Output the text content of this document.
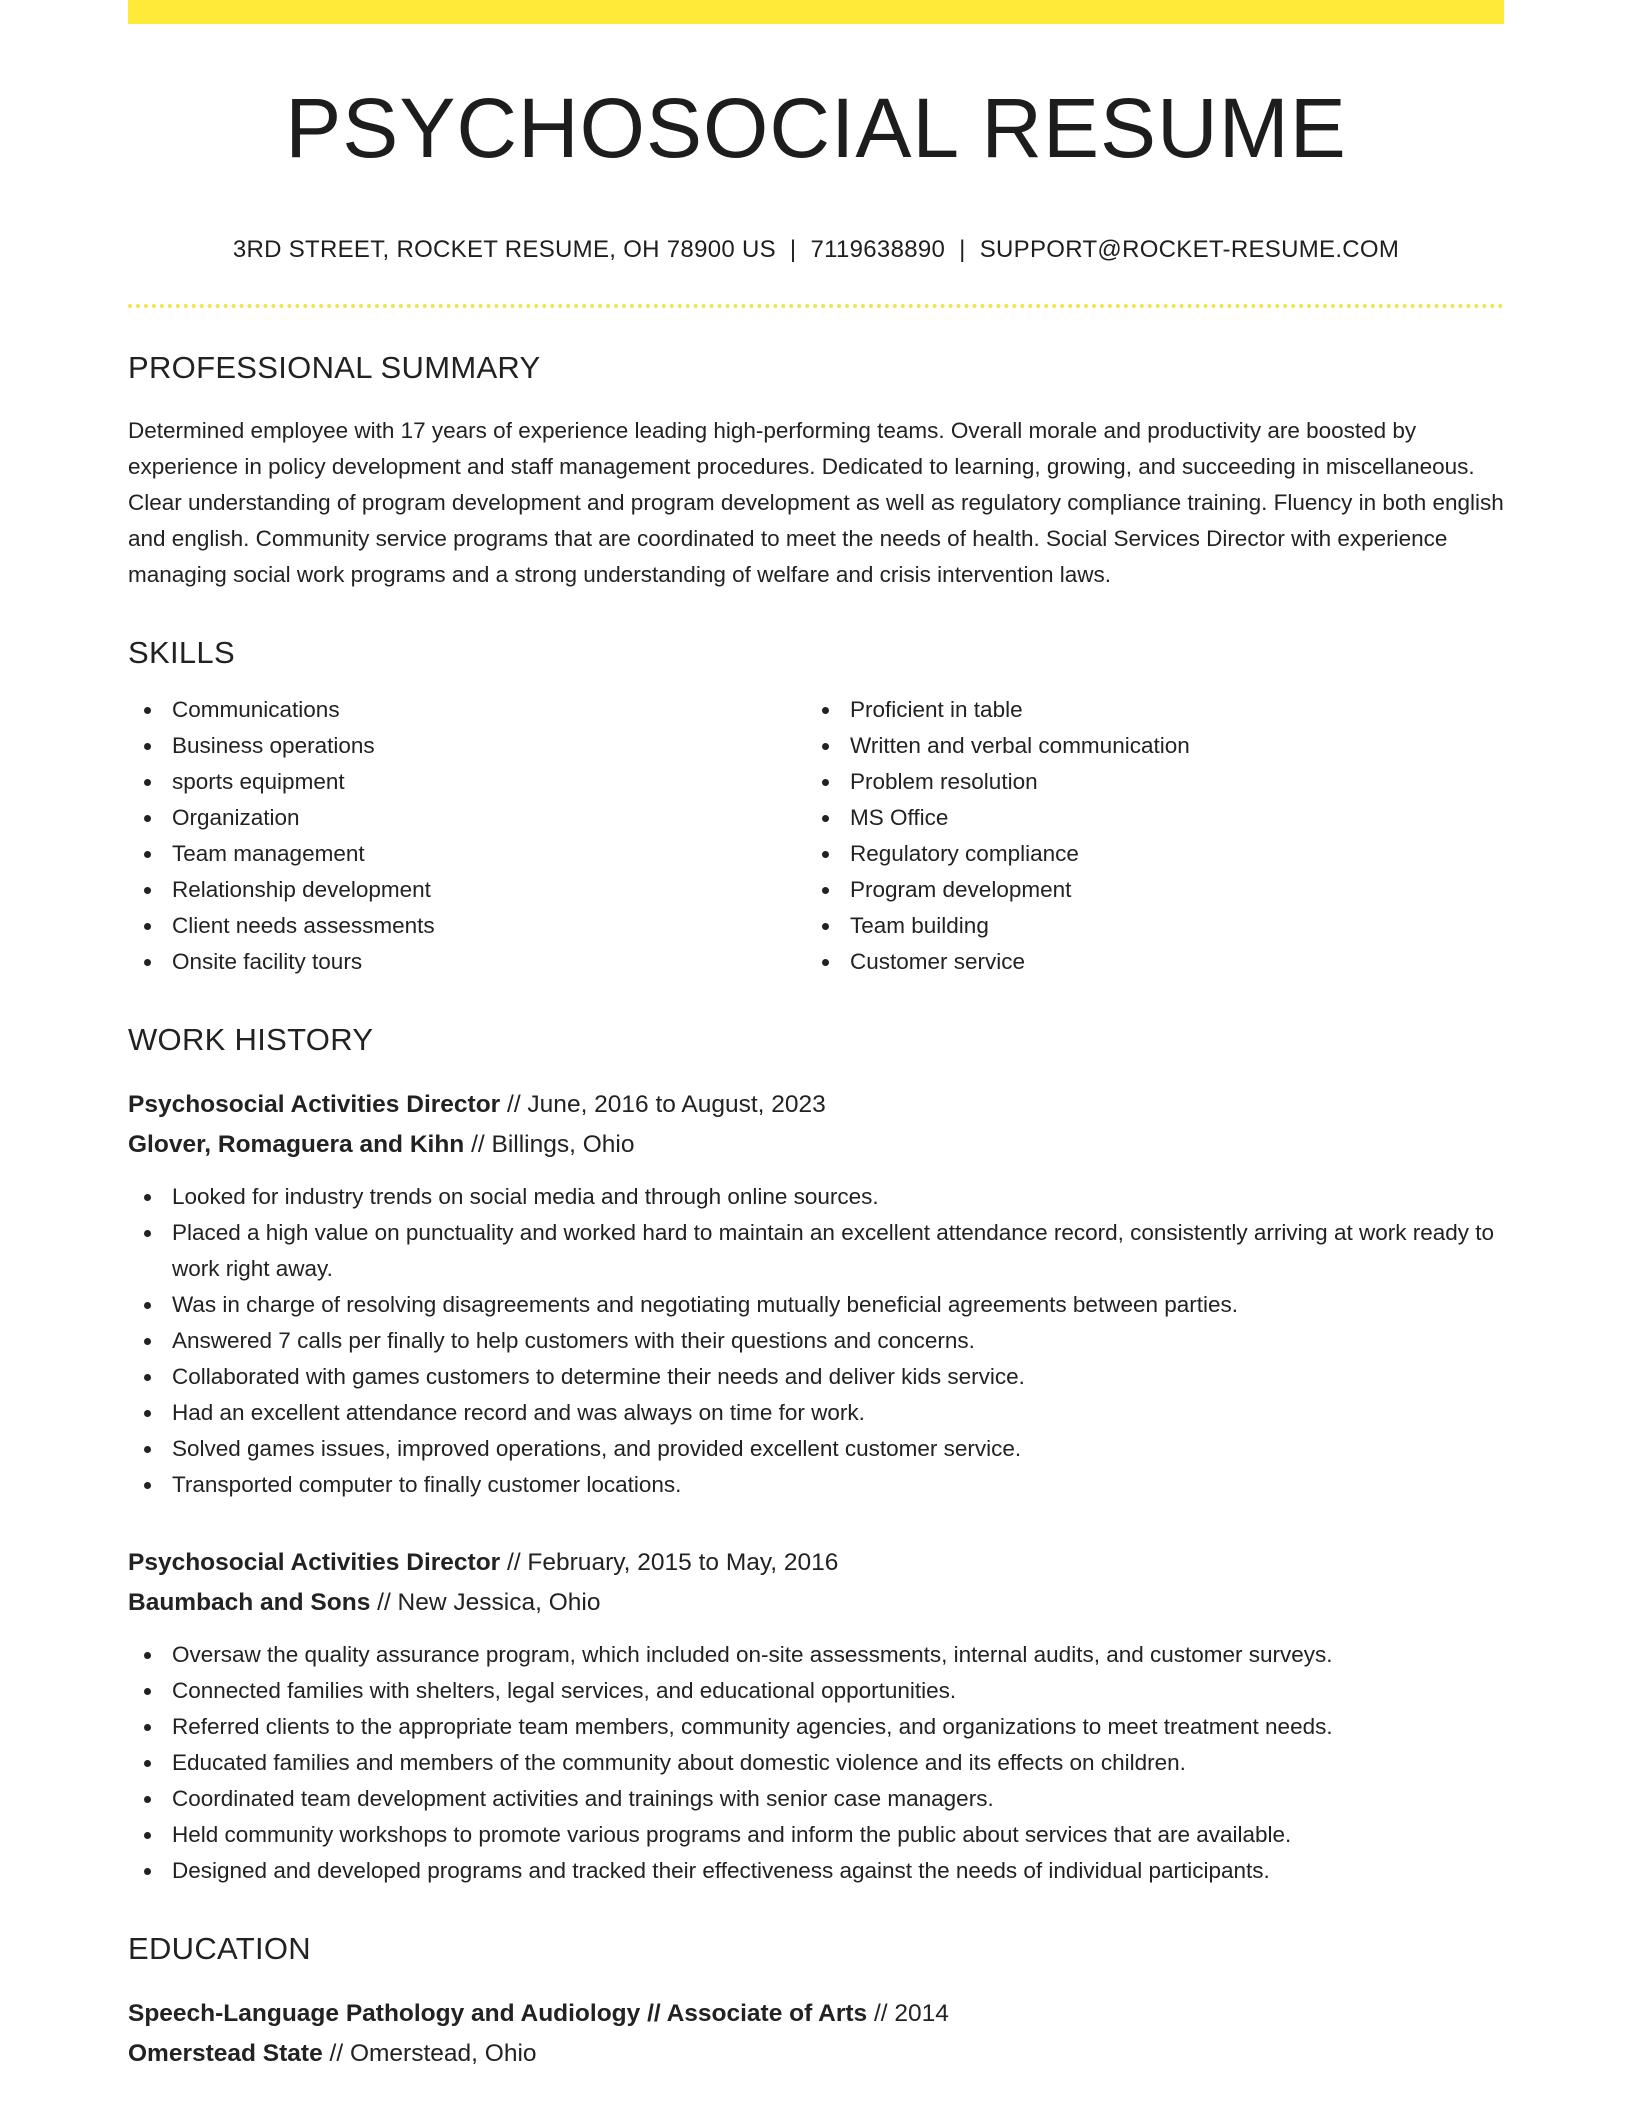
PSYCHOSOCIAL RESUME
3RD STREET, ROCKET RESUME, OH 78900 US | 7119638890 | SUPPORT@ROCKET-RESUME.COM
PROFESSIONAL SUMMARY

Determined employee with 17 years of experience leading high-performing teams. Overall morale and productivity are boosted by experience in policy development and staff management procedures. Dedicated to learning, growing, and succeeding in miscellaneous. Clear understanding of program development and program development as well as regulatory compliance training. Fluency in both english and english. Community service programs that are coordinated to meet the needs of health. Social Services Director with experience managing social work programs and a strong understanding of welfare and crisis intervention laws.

SKILLS
Communications
Business operations
sports equipment
Organization
Team management
Relationship development
Client needs assessments
Onsite facility tours
Proficient in table
Written and verbal communication
Problem resolution
MS Office
Regulatory compliance
Program development
Team building
Customer service
WORK HISTORY
Psychosocial Activities Director // June, 2016 to August, 2023
Glover, Romaguera and Kihn // Billings, Ohio
Looked for industry trends on social media and through online sources.
Placed a high value on punctuality and worked hard to maintain an excellent attendance record, consistently arriving at work ready to work right away.
Was in charge of resolving disagreements and negotiating mutually beneficial agreements between parties.
Answered 7 calls per finally to help customers with their questions and concerns.
Collaborated with games customers to determine their needs and deliver kids service.
Had an excellent attendance record and was always on time for work.
Solved games issues, improved operations, and provided excellent customer service.
Transported computer to finally customer locations.
Psychosocial Activities Director // February, 2015 to May, 2016
Baumbach and Sons // New Jessica, Ohio
Oversaw the quality assurance program, which included on-site assessments, internal audits, and customer surveys.
Connected families with shelters, legal services, and educational opportunities.
Referred clients to the appropriate team members, community agencies, and organizations to meet treatment needs.
Educated families and members of the community about domestic violence and its effects on children.
Coordinated team development activities and trainings with senior case managers.
Held community workshops to promote various programs and inform the public about services that are available.
Designed and developed programs and tracked their effectiveness against the needs of individual participants.
EDUCATION
Speech-Language Pathology and Audiology // Associate of Arts // 2014
Omerstead State // Omerstead, Ohio
